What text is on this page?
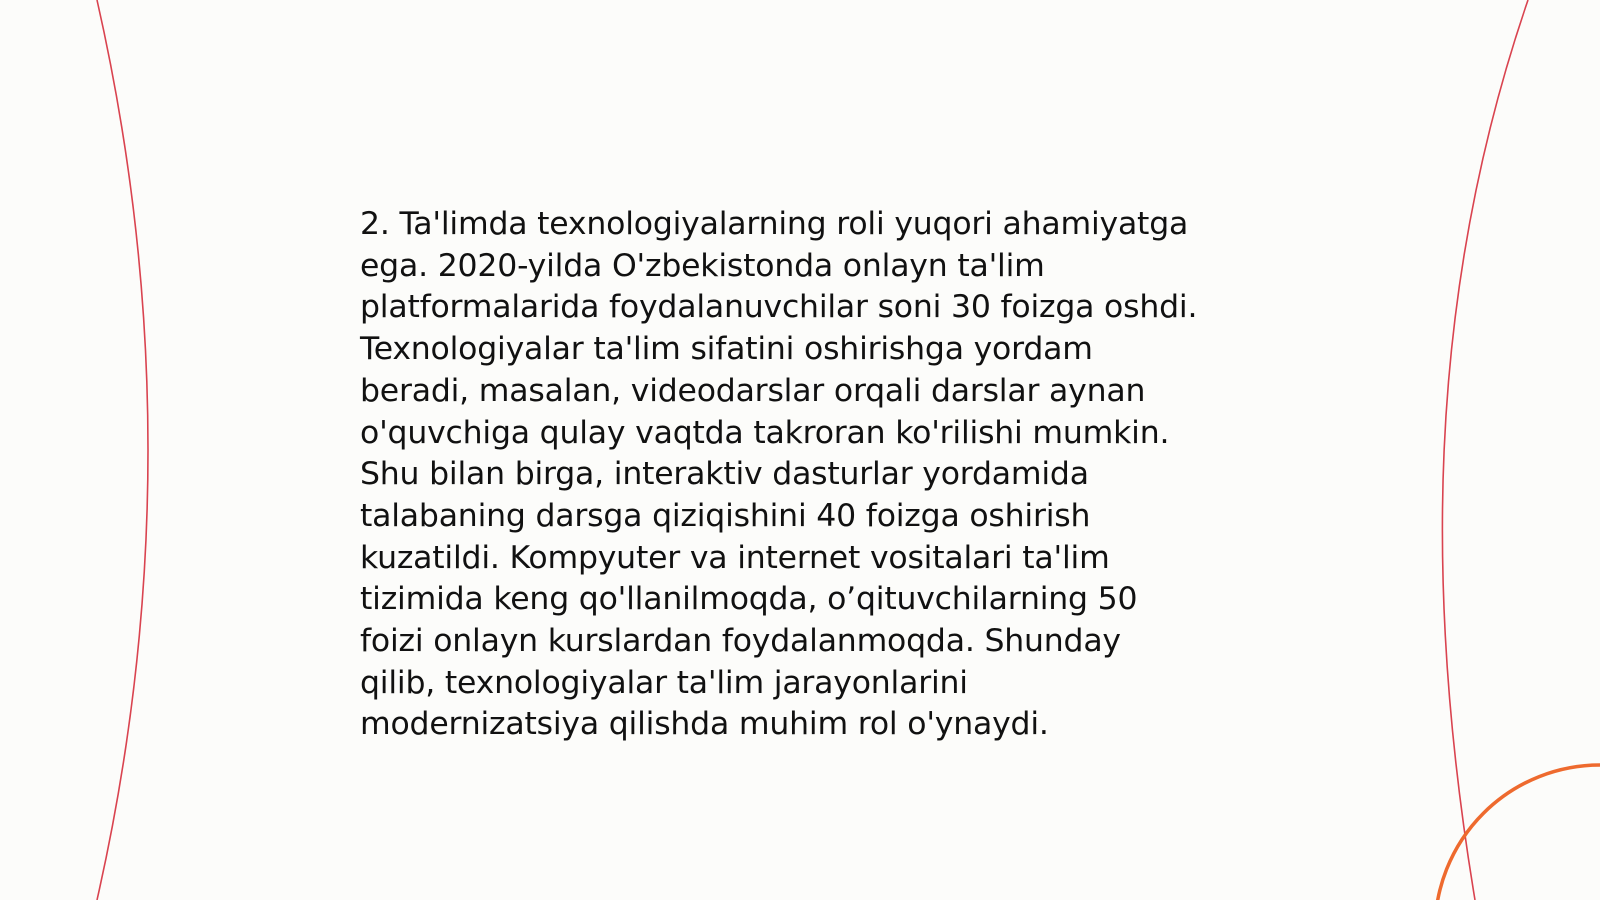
2. Ta'limda texnologiyalarning roli yuqori ahamiyatga
ega. 2020-yilda O'zbekistonda onlayn ta'lim
platformalarida foydalanuvchilar soni 30 foizga oshdi.
Texnologiyalar ta'lim sifatini oshirishga yordam
beradi, masalan, videodarslar orqali darslar aynan
o'quvchiga qulay vaqtda takroran ko'rilishi mumkin.
Shu bilan birga, interaktiv dasturlar yordamida
talabaning darsga qiziqishini 40 foizga oshirish
kuzatildi. Kompyuter va internet vositalari ta'lim
tizimida keng qo'llanilmoqda, o’qituvchilarning 50
foizi onlayn kurslardan foydalanmoqda. Shunday
qilib, texnologiyalar ta'lim jarayonlarini
modernizatsiya qilishda muhim rol o'ynaydi.
